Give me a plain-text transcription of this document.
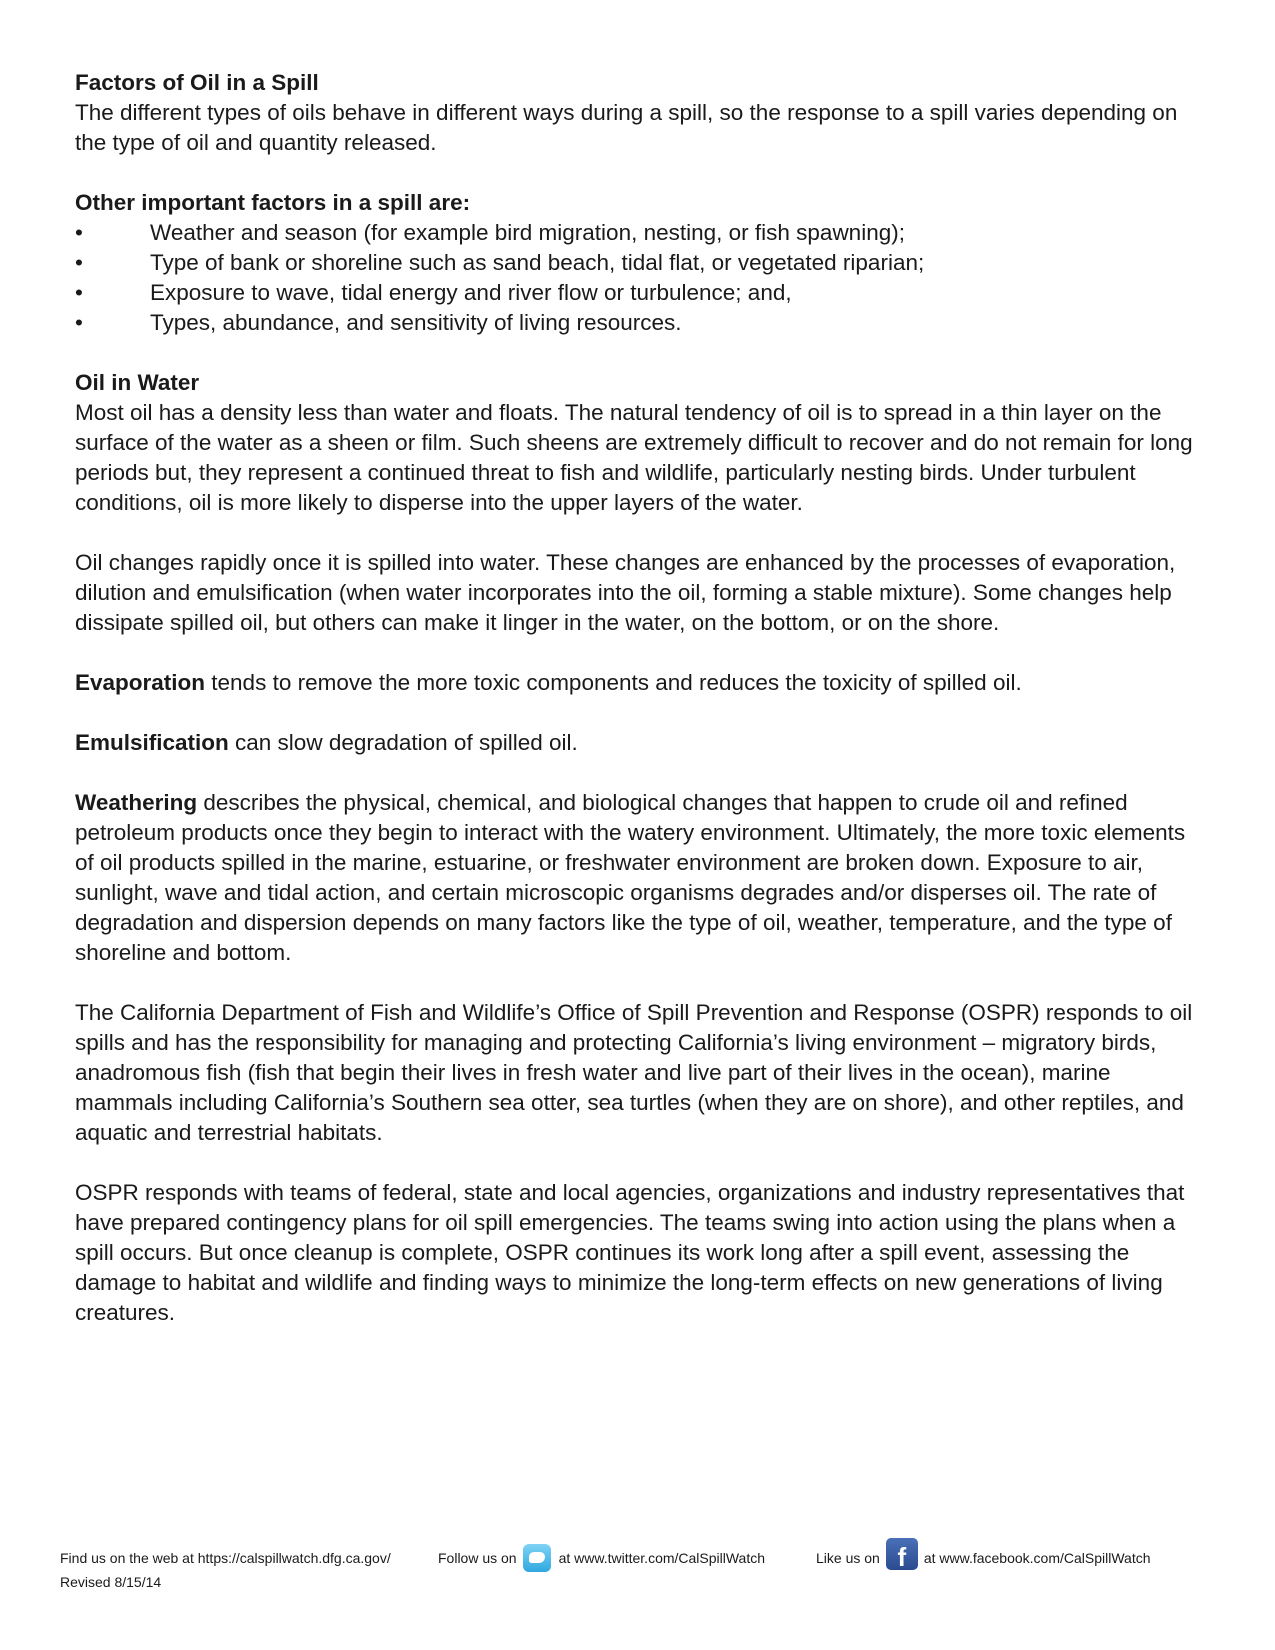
Factors of Oil in a Spill

The different types of oils behave in different ways during a spill, so the response to a spill varies depending on the type of oil and quantity released.

Other important factors in a spill are:
•	Weather and season (for example bird migration, nesting, or fish spawning);
•	Type of bank or shoreline such as sand beach, tidal flat, or vegetated riparian;
•	Exposure to wave, tidal energy and river flow or turbulence; and,
•	Types, abundance, and sensitivity of living resources.
Oil in Water

Most oil has a density less than water and floats. The natural tendency of oil is to spread in a thin layer on the surface of the water as a sheen or film. Such sheens are extremely difficult to recover and do not remain for long periods but, they represent a continued threat to fish and wildlife, particularly nesting birds. Under turbulent conditions, oil is more likely to disperse into the upper layers of the water.

Oil changes rapidly once it is spilled into water. These changes are enhanced by the processes of evaporation, dilution and emulsification (when water incorporates into the oil, forming a stable mixture). Some changes help dissipate spilled oil, but others can make it linger in the water, on the bottom, or on the shore.

Evaporation tends to remove the more toxic components and reduces the toxicity of spilled oil.

Emulsification can slow degradation of spilled oil.

Weathering describes the physical, chemical, and biological changes that happen to crude oil and refined petroleum products once they begin to interact with the watery environment. Ultimately, the more toxic elements of oil products spilled in the marine, estuarine, or freshwater environment are broken down. Exposure to air, sunlight, wave and tidal action, and certain microscopic organisms degrades and/or disperses oil. The rate of degradation and dispersion depends on many factors like the type of oil, weather, temperature, and the type of shoreline and bottom.

The California Department of Fish and Wildlife’s Office of Spill Prevention and Response (OSPR) responds to oil spills and has the responsibility for managing and protecting California’s living environment – migratory birds, anadromous fish (fish that begin their lives in fresh water and live part of their lives in the ocean), marine mammals including California’s Southern sea otter, sea turtles (when they are on shore), and other reptiles, and aquatic and terrestrial habitats.

OSPR responds with teams of federal, state and local agencies, organizations and industry representatives that have prepared contingency plans for oil spill emergencies. The teams swing into action using the plans when a spill occurs. But once cleanup is complete, OSPR continues its work long after a spill event, assessing the damage to habitat and wildlife and finding ways to minimize the long-term effects on new generations of living creatures.

Find us on the web at https://calspillwatch.dfg.ca.gov/	Follow us on	at www.twitter.com/CalSpillWatch	Like us on f	at www.facebook.com/CalSpillWatch
Revised 8/15/14
